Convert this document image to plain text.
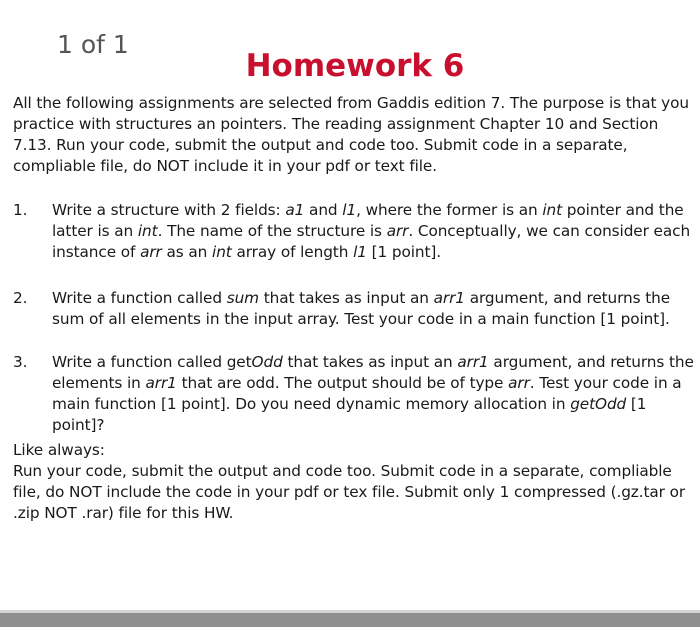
1 of 1
Homework 6
All the following assignments are selected from Gaddis edition 7. The purpose is that you practice with structures an pointers. The reading assignment Chapter 10 and Section 7.13. Run your code, submit the output and code too. Submit code in a separate, compliable file, do NOT include it in your pdf or text file.
1.	Write a structure with 2 fields: a1 and l1, where the former is an int pointer and the latter is an int. The name of the structure is arr. Conceptually, we can consider each instance of arr as an int array of length l1 [1 point].
2.	Write a function called sum that takes as input an arr1 argument, and returns the sum of all elements in the input array. Test your code in a main function [1 point].
3.	Write a function called getOdd that takes as input an arr1 argument, and returns the elements in arr1 that are odd. The output should be of type arr. Test your code in a main function [1 point]. Do you need dynamic memory allocation in getOdd [1 point]?
Like always:
Run your code, submit the output and code too. Submit code in a separate, compliable file, do NOT include the code in your pdf or tex file. Submit only 1 compressed (.gz.tar or .zip NOT .rar) file for this HW.
